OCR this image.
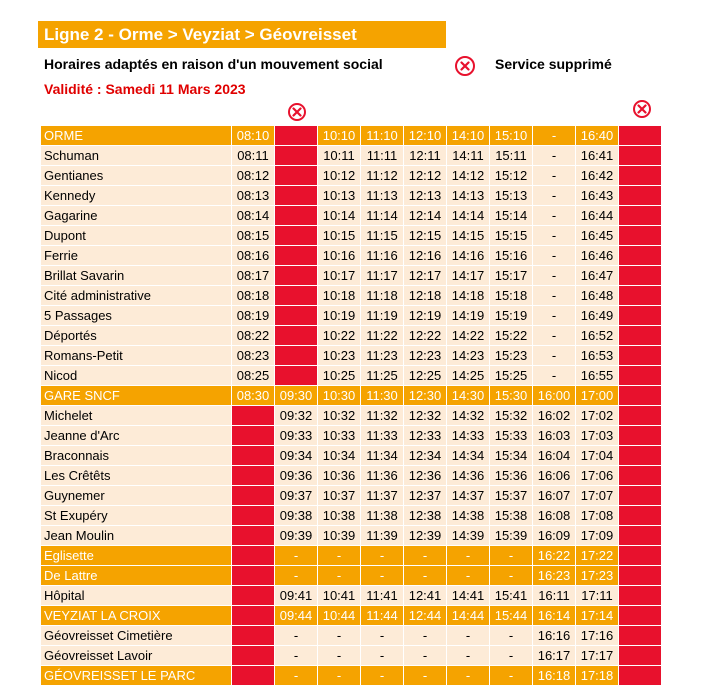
Ligne 2 - Orme > Veyziat > Géovreisset
Horaires adaptés en raison d'un mouvement social	Service supprimé
Validité : Samedi 11 Mars 2023
ORME	08:10		10:10	11:10	12:10	14:10	15:10	-	16:40	
Schuman	08:11		10:11	11:11	12:11	14:11	15:11	-	16:41	
Gentianes	08:12		10:12	11:12	12:12	14:12	15:12	-	16:42	
Kennedy	08:13		10:13	11:13	12:13	14:13	15:13	-	16:43	
Gagarine	08:14		10:14	11:14	12:14	14:14	15:14	-	16:44	
Dupont	08:15		10:15	11:15	12:15	14:15	15:15	-	16:45	
Ferrie	08:16		10:16	11:16	12:16	14:16	15:16	-	16:46	
Brillat Savarin	08:17		10:17	11:17	12:17	14:17	15:17	-	16:47	
Cité administrative	08:18		10:18	11:18	12:18	14:18	15:18	-	16:48	
5 Passages	08:19		10:19	11:19	12:19	14:19	15:19	-	16:49	
Déportés	08:22		10:22	11:22	12:22	14:22	15:22	-	16:52	
Romans-Petit	08:23		10:23	11:23	12:23	14:23	15:23	-	16:53	
Nicod	08:25		10:25	11:25	12:25	14:25	15:25	-	16:55	
GARE SNCF	08:30	09:30	10:30	11:30	12:30	14:30	15:30	16:00	17:00	
Michelet		09:32	10:32	11:32	12:32	14:32	15:32	16:02	17:02	
Jeanne d'Arc		09:33	10:33	11:33	12:33	14:33	15:33	16:03	17:03	
Braconnais		09:34	10:34	11:34	12:34	14:34	15:34	16:04	17:04	
Les Crêtêts		09:36	10:36	11:36	12:36	14:36	15:36	16:06	17:06	
Guynemer		09:37	10:37	11:37	12:37	14:37	15:37	16:07	17:07	
St Exupéry		09:38	10:38	11:38	12:38	14:38	15:38	16:08	17:08	
Jean Moulin		09:39	10:39	11:39	12:39	14:39	15:39	16:09	17:09	
Eglisette		-	-	-	-	-	-	16:22	17:22	
De Lattre		-	-	-	-	-	-	16:23	17:23	
Hôpital		09:41	10:41	11:41	12:41	14:41	15:41	16:11	17:11	
VEYZIAT LA CROIX		09:44	10:44	11:44	12:44	14:44	15:44	16:14	17:14	
Géovreisset Cimetière		-	-	-	-	-	-	16:16	17:16	
Géovreisset Lavoir		-	-	-	-	-	-	16:17	17:17	
GÉOVREISSET LE PARC		-	-	-	-	-	-	16:18	17:18	
